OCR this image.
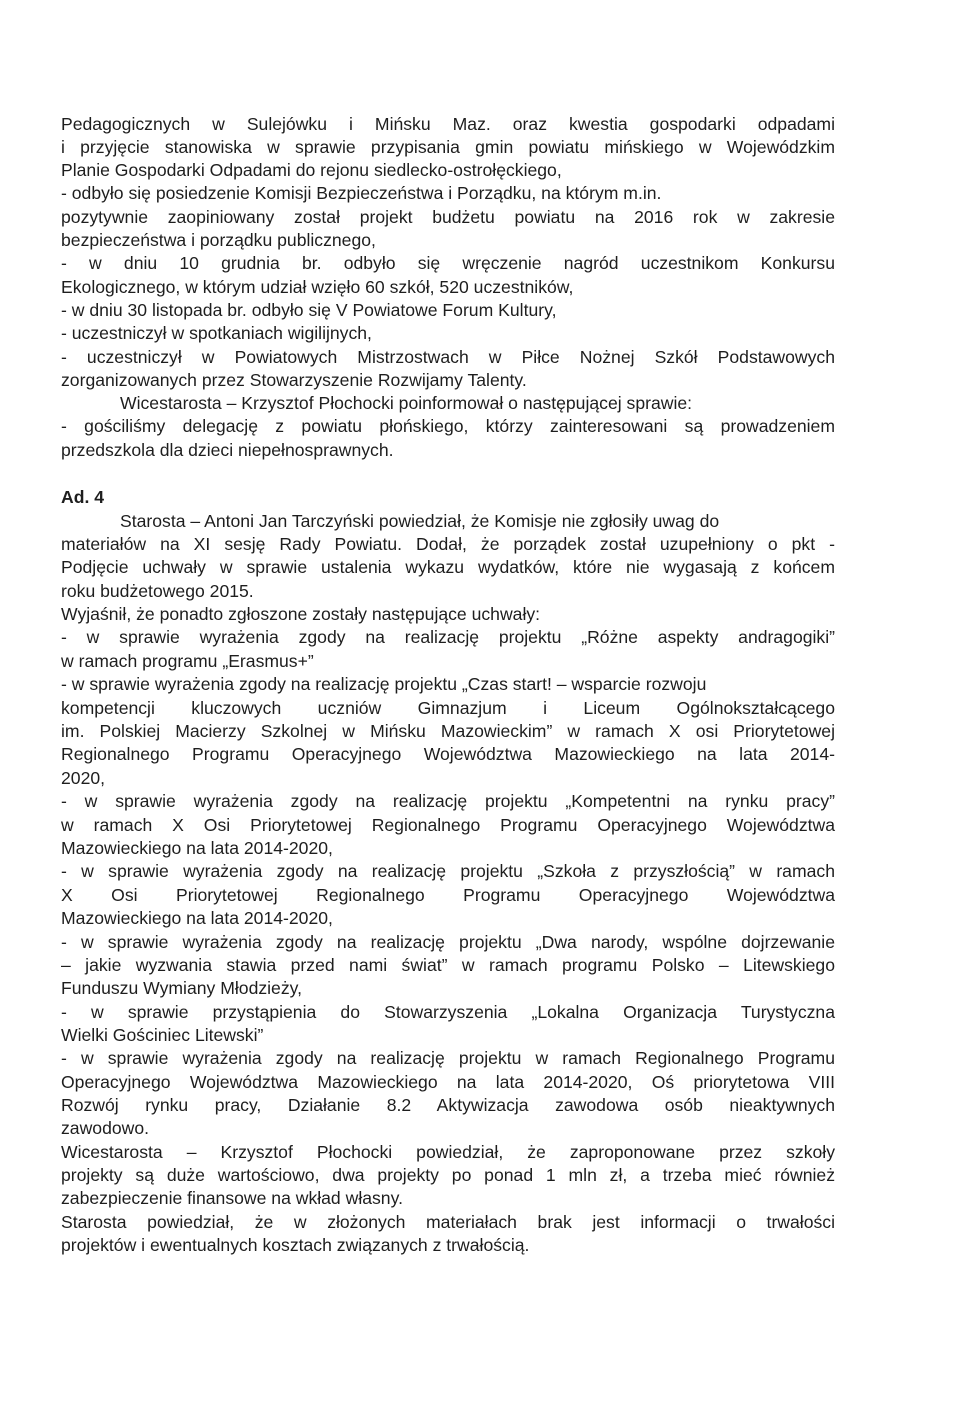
Pedagogicznych w Sulejówku i Mińsku Maz. oraz kwestia gospodarki odpadami
i przyjęcie stanowiska w sprawie przypisania gmin powiatu mińskiego w Wojewódzkim
Planie Gospodarki Odpadami do rejonu siedlecko-ostrołęckiego,
- odbyło się posiedzenie Komisji Bezpieczeństwa i Porządku, na którym m.in.
pozytywnie zaopiniowany został projekt budżetu powiatu na 2016 rok w zakresie
bezpieczeństwa i porządku publicznego,
- w dniu 10 grudnia br. odbyło się wręczenie nagród uczestnikom Konkursu
Ekologicznego, w którym udział wzięło 60 szkół, 520 uczestników,
- w dniu 30 listopada br. odbyło się V Powiatowe Forum Kultury,
- uczestniczył w spotkaniach wigilijnych,
- uczestniczył w Powiatowych Mistrzostwach w Piłce Nożnej Szkół Podstawowych
zorganizowanych przez Stowarzyszenie Rozwijamy Talenty.
Wicestarosta – Krzysztof Płochocki poinformował o następującej sprawie:
- gościliśmy delegację z powiatu płońskiego, którzy zainteresowani są prowadzeniem
przedszkola dla dzieci niepełnosprawnych.
Ad. 4
Starosta – Antoni Jan Tarczyński powiedział, że Komisje nie zgłosiły uwag do
materiałów na XI sesję Rady Powiatu. Dodał, że porządek został uzupełniony o pkt -
Podjęcie uchwały w sprawie ustalenia wykazu wydatków, które nie wygasają z końcem
roku budżetowego 2015.
Wyjaśnił, że ponadto zgłoszone zostały następujące uchwały:
- w sprawie wyrażenia zgody na realizację projektu „Różne aspekty andragogiki”
w ramach programu „Erasmus+”
- w sprawie wyrażenia zgody na realizację projektu „Czas start! – wsparcie rozwoju
kompetencji kluczowych uczniów Gimnazjum i Liceum Ogólnokształcącego
im. Polskiej Macierzy Szkolnej w Mińsku Mazowieckim” w ramach X osi Priorytetowej
Regionalnego Programu Operacyjnego Województwa Mazowieckiego na lata 2014-
2020,
- w sprawie wyrażenia zgody na realizację projektu „Kompetentni na rynku pracy”
w ramach X Osi Priorytetowej Regionalnego Programu Operacyjnego Województwa
Mazowieckiego na lata 2014-2020,
- w sprawie wyrażenia zgody na realizację projektu „Szkoła z przyszłością” w ramach
X Osi Priorytetowej Regionalnego Programu Operacyjnego Województwa
Mazowieckiego na lata 2014-2020,
- w sprawie wyrażenia zgody na realizację projektu „Dwa narody, wspólne dojrzewanie
– jakie wyzwania stawia przed nami świat” w ramach programu Polsko – Litewskiego
Funduszu Wymiany Młodzieży,
- w sprawie przystąpienia do Stowarzyszenia „Lokalna Organizacja Turystyczna
Wielki Gościniec Litewski”
- w sprawie wyrażenia zgody na realizację projektu w ramach Regionalnego Programu
Operacyjnego Województwa Mazowieckiego na lata 2014-2020, Oś priorytetowa VIII
Rozwój rynku pracy, Działanie 8.2 Aktywizacja zawodowa osób nieaktywnych
zawodowo.
Wicestarosta – Krzysztof Płochocki powiedział, że zaproponowane przez szkoły
projekty są duże wartościowo, dwa projekty po ponad 1 mln zł, a trzeba mieć również
zabezpieczenie finansowe na wkład własny.
Starosta powiedział, że w złożonych materiałach brak jest informacji o trwałości
projektów i ewentualnych kosztach związanych z trwałością.
